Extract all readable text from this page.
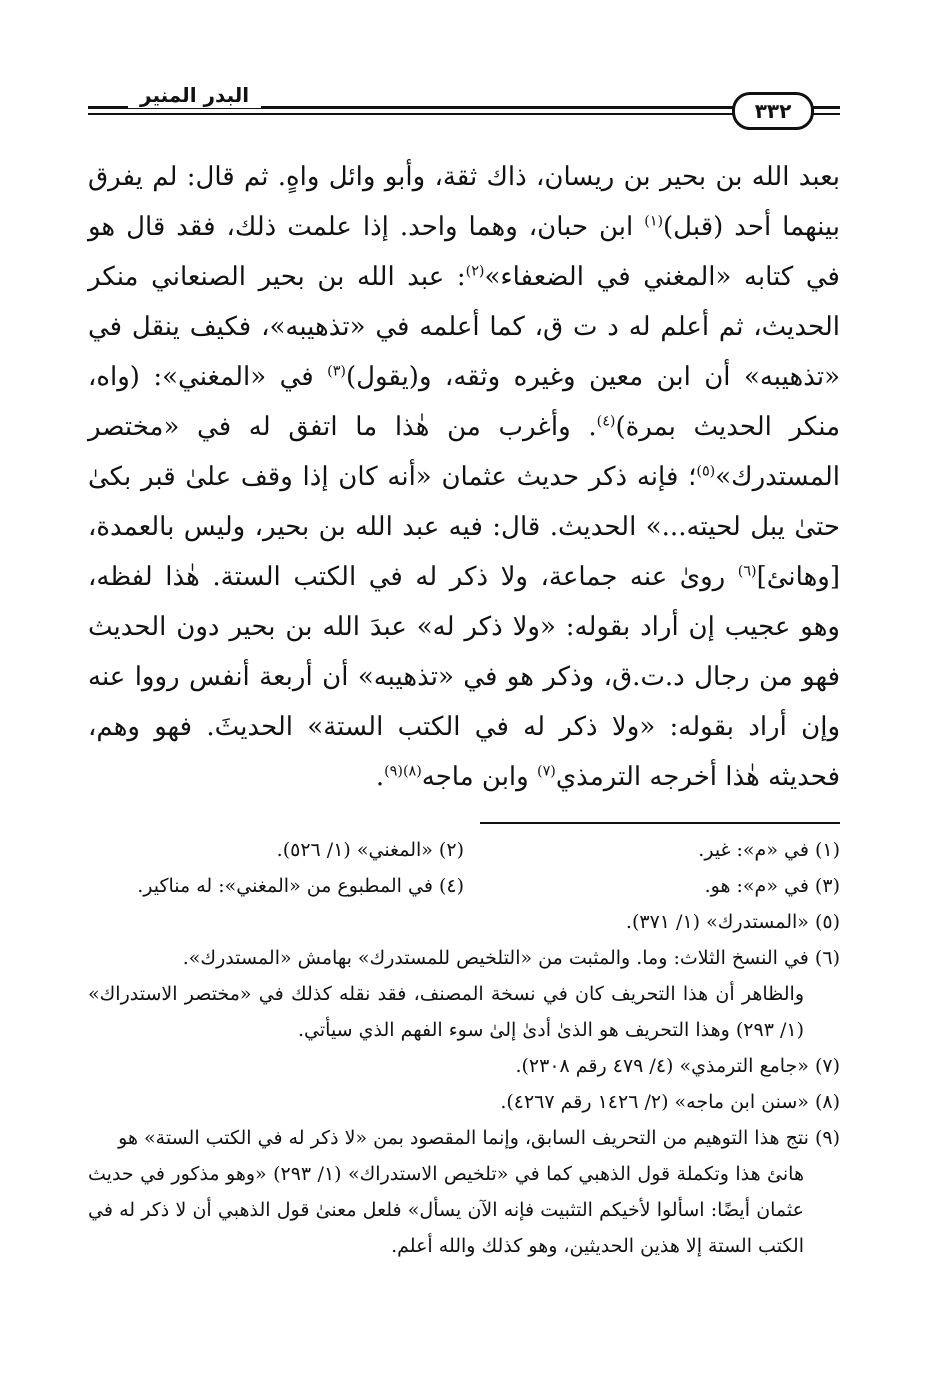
البدر المنير
٣٣٢

بعبد الله بن بحير بن ريسان، ذاك ثقة، وأبو وائل واهٍ. ثم قال: لم يفرق بينهما أحد (قبل)$^{(١)}$ ابن حبان، وهما واحد. إذا علمت ذلك، فقد قال هو في كتابه «المغني في الضعفاء»$^{(٢)}$: عبد الله بن بحير الصنعاني منكر الحديث، ثم أعلم له د ت ق، كما أعلمه في «تذهيبه»، فكيف ينقل في «تذهيبه» أن ابن معين وغيره وثقه، و(يقول)$^{(٣)}$ في «المغني»: (واه، منكر الحديث بمرة)$^{(٤)}$. وأغرب من هٰذا ما اتفق له في «مختصر المستدرك»$^{(٥)}$؛ فإنه ذكر حديث عثمان «أنه كان إذا وقف علىٰ قبر بكىٰ حتىٰ يبل لحيته...» الحديث. قال: فيه عبد الله بن بحير، وليس بالعمدة، [وهانئ]$^{(٦)}$ روىٰ عنه جماعة، ولا ذكر له في الكتب الستة. هٰذا لفظه، وهو عجيب إن أراد بقوله: «ولا ذكر له» عبدَ الله بن بحير دون الحديث فهو من رجال د.ت.ق، وذكر هو في «تذهيبه» أن أربعة أنفس رووا عنه وإن أراد بقوله: «ولا ذكر له في الكتب الستة» الحديثَ. فهو وهم، فحديثه هٰذا أخرجه الترمذي$^{(٧)}$ وابن ماجه$^{(٨)(٩)}$.

(١) في «م»: غير.
(٢) «المغني» (١/ ٥٢٦).
(٣) في «م»: هو.
(٤) في المطبوع من «المغني»: له مناكير.
(٥) «المستدرك» (١/ ٣٧١).
(٦) في النسخ الثلاث: وما. والمثبت من «التلخيص للمستدرك» بهامش «المستدرك».
والظاهر أن هذا التحريف كان في نسخة المصنف، فقد نقله كذلك في «مختصر الاستدراك» (١/ ٢٩٣) وهذا التحريف هو الذىٰ أدىٰ إلىٰ سوء الفهم الذي سيأتي.
(٧) «جامع الترمذي» (٤/ ٤٧٩ رقم ٢٣٠٨).
(٨) «سنن ابن ماجه» (٢/ ١٤٢٦ رقم ٤٢٦٧).
(٩) نتج هذا التوهيم من التحريف السابق، وإنما المقصود بمن «لا ذكر له في الكتب الستة» هو
هانئ هذا وتكملة قول الذهبي كما في «تلخيص الاستدراك» (١/ ٢٩٣) «وهو مذكور في حديث عثمان أيضًا: اسألوا لأخيكم التثبيت فإنه الآن يسأل» فلعل معنىٰ قول الذهبي أن لا ذكر له في الكتب الستة إلا هذين الحديثين، وهو كذلك والله أعلم.
